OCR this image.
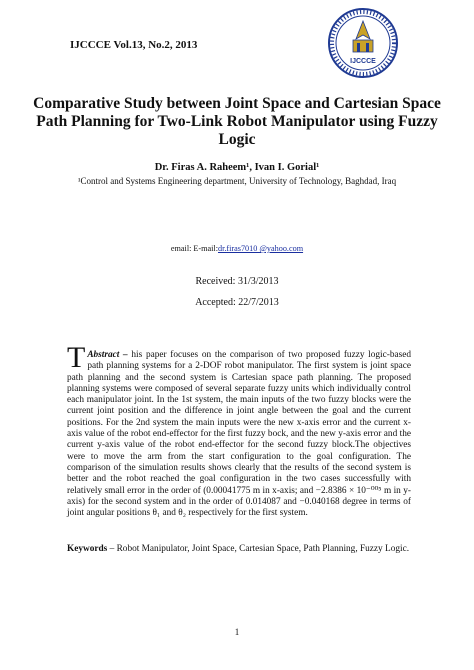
IJCCCE Vol.13, No.2, 2013
IJCCCE
Comparative Study between Joint Space and Cartesian Space Path Planning for Two-Link Robot Manipulator using Fuzzy Logic
Dr. Firas A. Raheem¹, Ivan I. Gorial¹
¹Control and Systems Engineering department, University of Technology, Baghdad, Iraq
email: E-mail:dr.firas7010 @yahoo.com
Received: 31/3/2013
Accepted: 22/7/2013

Abstract –
T	his paper focuses on the comparison of two proposed fuzzy logic-based path planning systems for a 2-DOF robot manipulator. The first system is joint space path planning and the second system is Cartesian space path planning. The proposed planning systems were composed of several separate fuzzy units which individually control each manipulator joint. In the 1st system, the main inputs of the two fuzzy blocks were the current joint position and the difference in joint angle between the goal and the current positions. For the 2nd system the main inputs were the new x-axis error and the current x-axis value of the robot end-effector for the first fuzzy bock, and the new y-axis error and the current y-axis value of the robot end-effector for the second fuzzy block.The objectives were to move the arm from the start configuration to the goal configuration. The comparison of the simulation results shows clearly that the results of the second system is better and the robot reached the goal configuration in the two cases successfully with relatively small error in the order of (0.00041775 m in x-axis; and −2.8386 × 10⁻⁰⁰⁵ m in y-axis) for the second system and in the order of 0.014087 and −0.040168 degree in terms of joint angular positions θ₁ and θ₂ respectively for the first system.

Keywords – Robot Manipulator, Joint Space, Cartesian Space, Path Planning, Fuzzy Logic.

1
